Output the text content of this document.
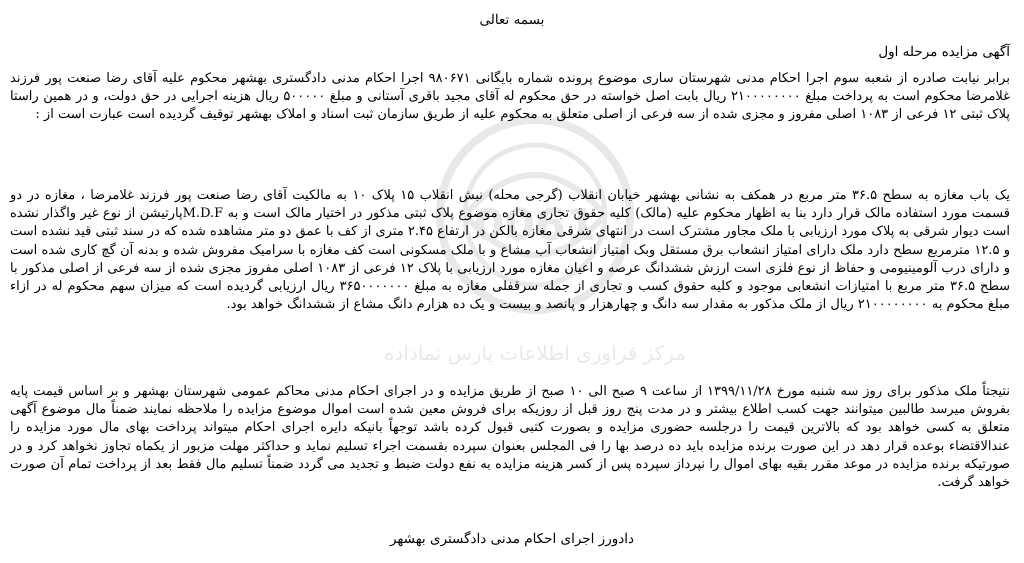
0061
مرکز فراوری اطلاعات پارس نماداده
بسمه تعالی
آگهی مزایده مرحله اول

برابر نیابت صادره از شعبه سوم اجرا احکام مدنی شهرستان ساری موضوع پرونده شماره بایگانی ۹۸۰۶۷۱ اجرا احکام مدنی دادگستری بهشهر محکوم علیه آقای رضا صنعت پور فرزند غلامرضا محکوم است به پرداخت مبلغ ۲۱۰۰۰۰۰۰۰۰ ریال بابت اصل خواسته در حق محکوم له آقای مجید باقری آستانی و مبلغ ۵۰۰۰۰۰ ریال هزینه اجرایی در حق دولت، و در همین راستا پلاک ثبتی ۱۲ فرعی از ۱۰۸۳ اصلی مفروز و مجزی شده از سه فرعی از اصلی متعلق به محکوم علیه از طریق سازمان ثبت اسناد و املاک بهشهر توقیف گردیده است عبارت است از :

یک باب مغازه به سطح ۳۶.۵ متر مربع در همکف به نشانی بهشهر خیابان انقلاب (گرجی محله) نبش انقلاب ۱۵ پلاک ۱۰ به مالکیت آقای رضا صنعت پور فرزند غلامرضا ، مغازه در دو قسمت مورد استفاده مالک قرار دارد بنا به اظهار محکوم علیه (مالک) کلیه حقوق تجاری مغازه موضوع پلاک ثبتی مذکور در اختیار مالک است و به M.D.Fپارتیشن از نوع غیر واگذار نشده است دیوار شرقی به پلاک مورد ارزیابی با ملک مجاور مشترک است در انتهای شرقی مغازه بالکن در ارتفاع ۲.۴۵ متری از کف با عمق دو متر مشاهده شده که در سند ثبتی قید نشده است و ۱۲.۵ مترمربع سطح دارد ملک دارای امتیاز انشعاب برق مستقل وبک امتیاز انشعاب آب مشاع و با ملک مسکونی است کف مغازه با سرامیک مفروش شده و بدنه آن گچ کاری شده است و دارای درب آلومینیومی و حفاظ از نوع فلزی است ارزش ششدانگ عرصه و اعیان مغازه مورد ارزیابی با پلاک ۱۲ فرعی از ۱۰۸۳ اصلی مفروز مجزی شده از سه فرعی از اصلی مذکور با سطح ۳۶.۵ متر مربع با امتیازات انشعابی موجود و کلیه حقوق کسب و تجاری از جمله سرقفلی مغازه به مبلغ ۳۶۵۰۰۰۰۰۰۰ ریال ارزیابی گردیده است که میزان سهم محکوم له در ازاء مبلغ محکوم به ۲۱۰۰۰۰۰۰۰۰ ریال از ملک مذکور به مقدار سه دانگ و چهارهزار و پانصد و بیست و یک ده هزارم دانگ مشاع از ششدانگ خواهد بود.

نتیجتاً ملک مذکور برای روز سه شنبه مورخ ۱۳۹۹/۱۱/۲۸ از ساعت ۹ صبح الی ۱۰ صبح از طریق مزایده و در اجرای احکام مدنی محاکم عمومی شهرستان بهشهر و بر اساس قیمت پایه بفروش میرسد طالبین میتوانند جهت کسب اطلاع بیشتر و در مدت پنج روز قبل از روزیکه برای فروش معین شده است اموال موضوع مزایده را ملاحظه نمایند ضمناً مال موضوع آگهی متعلق به کسی خواهد بود که بالاترین قیمت را درجلسه حضوری مزایده و بصورت کتبی قبول کرده باشد توجهاً بانیکه دایره اجرای احکام میتواند پرداخت بهای مال مورد مزایده را عندالاقتضاء بوعده قرار دهد در این صورت برنده مزایده باید ده درصد بها را فی المجلس بعنوان سپرده بقسمت اجراء تسلیم نماید و حداکثر مهلت مزبور از یکماه تجاوز نخواهد کرد و در صورتیکه برنده مزایده در موعد مقرر بقیه بهای اموال را نپرداز سپرده پس از کسر هزینه مزایده به نفع دولت ضبط و تجدید می گردد ضمناً تسلیم مال فقط بعد از پرداخت تمام آن صورت خواهد گرفت.

دادورز اجرای احکام مدنی دادگستری بهشهر
